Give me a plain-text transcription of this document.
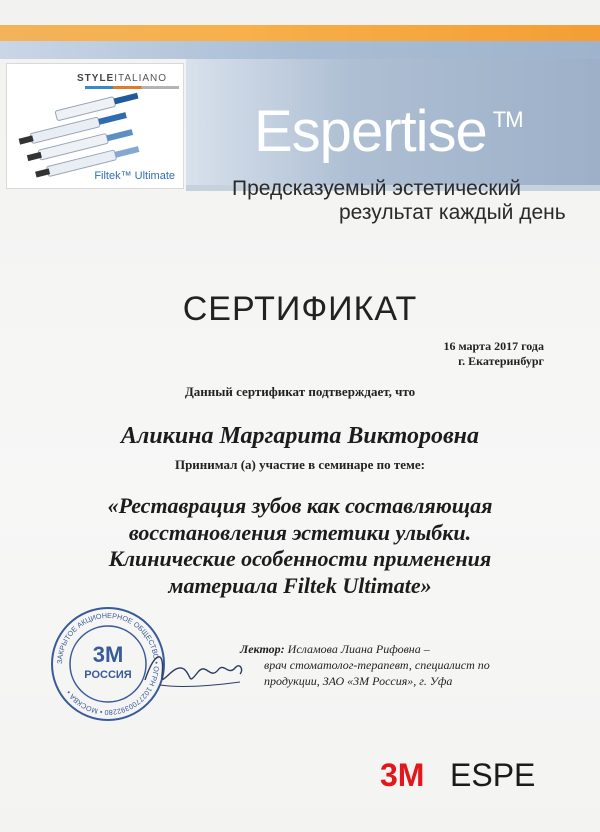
STYLEITALIANO
Filtek™ Ultimate
Espertise ™
Предсказуемый эстетический
результат каждый день
СЕРТИФИКАТ
16 марта 2017 года
г. Екатеринбург
Данный сертификат подтверждает, что
Аликина Маргарита Викторовна
Принимал (а) участие в семинаре по теме:
«Реставрация зубов как составляющая
восстановления эстетики улыбки.
Клинические особенности применения
материала Filtek Ultimate»
ЗАКРЫТОЕ АКЦИОНЕРНОЕ ОБЩЕСТВО • ОГРН 1027700392280 • МОСКВА •
3M
РОССИЯ
Лектор: Исламова Лиана Рифовна –
врач стоматолог-терапевт, специалист по
продукции, ЗАО «3М Россия», г. Уфа
3M ESPE
